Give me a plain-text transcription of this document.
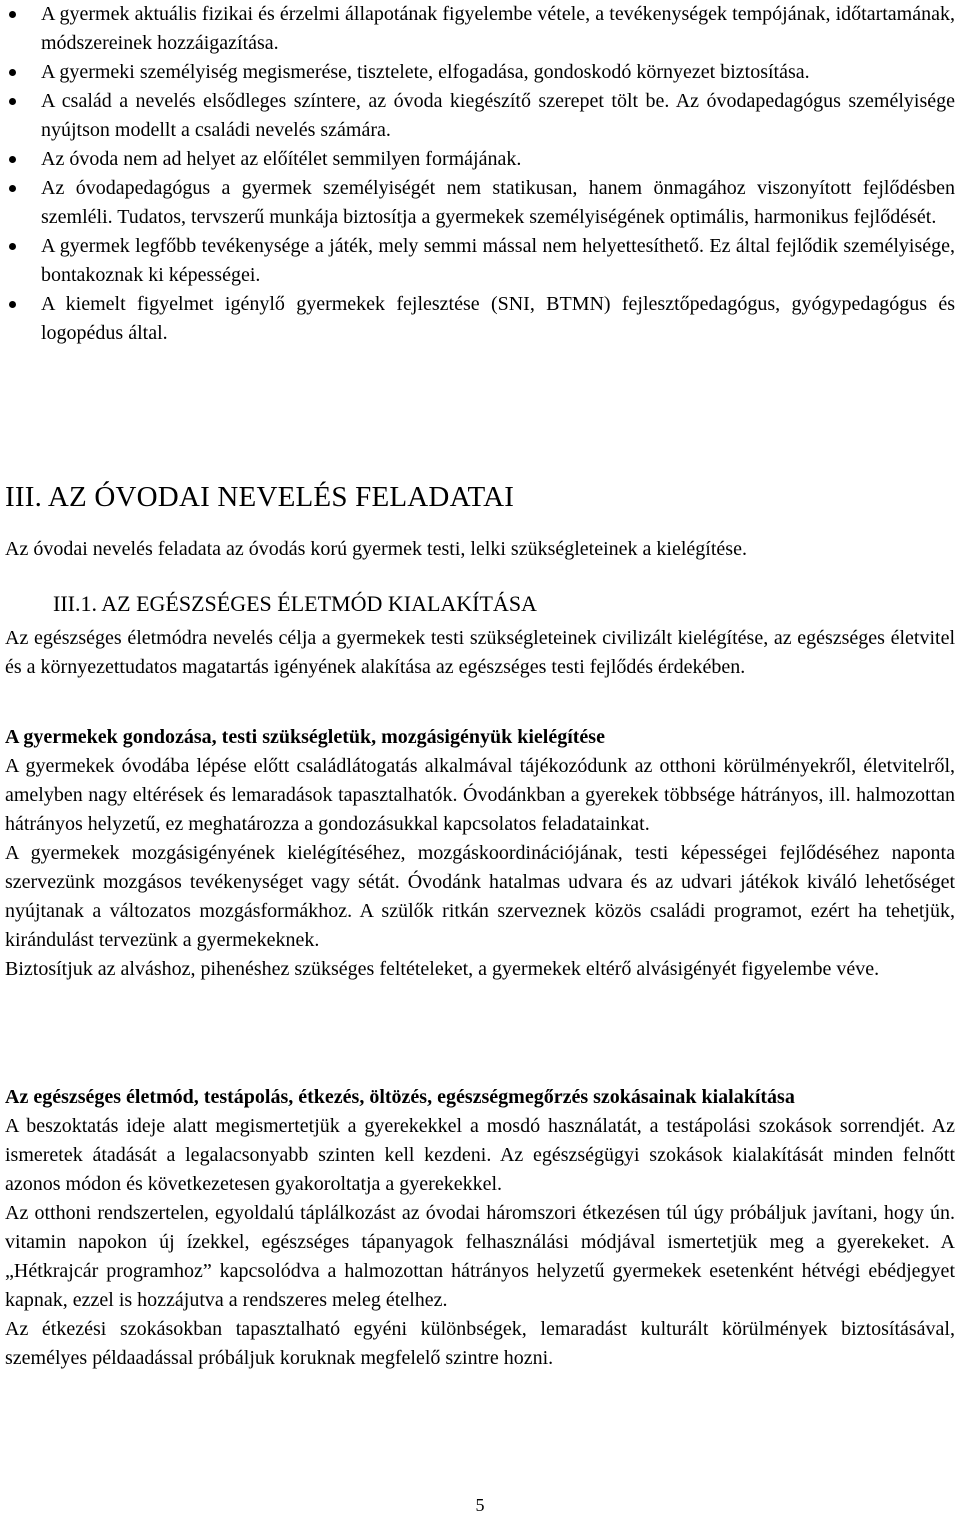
A gyermek aktuális fizikai és érzelmi állapotának figyelembe vétele, a tevékenységek tempójának, időtartamának, módszereinek hozzáigazítása.
A gyermeki személyiség megismerése, tisztelete, elfogadása, gondoskodó környezet biztosítása.
A család a nevelés elsődleges színtere, az óvoda kiegészítő szerepet tölt be. Az óvodapedagógus személyisége nyújtson modellt a családi nevelés számára.
Az óvoda nem ad helyet az előítélet semmilyen formájának.
Az óvodapedagógus a gyermek személyiségét nem statikusan, hanem önmagához viszonyított fejlődésben szemléli. Tudatos, tervszerű munkája biztosítja a gyermekek személyiségének optimális, harmonikus fejlődését.
A gyermek legfőbb tevékenysége a játék, mely semmi mással nem helyettesíthető. Ez által fejlődik személyisége, bontakoznak ki képességei.
A kiemelt figyelmet igénylő gyermekek fejlesztése (SNI, BTMN) fejlesztőpedagógus, gyógypedagógus és logopédus által.
III. AZ ÓVODAI NEVELÉS FELADATAI

Az óvodai nevelés feladata az óvodás korú gyermek testi, lelki szükségleteinek a kielégítése.

III.1. AZ EGÉSZSÉGES ÉLETMÓD KIALAKÍTÁSA

Az egészséges életmódra nevelés célja a gyermekek testi szükségleteinek civilizált kielégítése, az egészséges életvitel és a környezettudatos magatartás igényének alakítása az egészséges testi fejlődés érdekében.

A gyermekek gondozása, testi szükségletük, mozgásigényük kielégítése

A gyermekek óvodába lépése előtt családlátogatás alkalmával tájékozódunk az otthoni körülményekről, életvitelről, amelyben nagy eltérések és lemaradások tapasztalhatók. Óvodánkban a gyerekek többsége hátrányos, ill. halmozottan hátrányos helyzetű, ez meghatározza a gondozásukkal kapcsolatos feladatainkat.

A gyermekek mozgásigényének kielégítéséhez, mozgáskoordinációjának, testi képességei fejlődéséhez naponta szervezünk mozgásos tevékenységet vagy sétát. Óvodánk hatalmas udvara és az udvari játékok kiváló lehetőséget nyújtanak a változatos mozgásformákhoz. A szülők ritkán szerveznek közös családi programot, ezért ha tehetjük, kirándulást tervezünk a gyermekeknek.

Biztosítjuk az alváshoz, pihenéshez szükséges feltételeket, a gyermekek eltérő alvásigényét figyelembe véve.

Az egészséges életmód, testápolás, étkezés, öltözés, egészségmegőrzés szokásainak kialakítása

A beszoktatás ideje alatt megismertetjük a gyerekekkel a mosdó használatát, a testápolási szokások sorrendjét. Az ismeretek átadását a legalacsonyabb szinten kell kezdeni. Az egészségügyi szokások kialakítását minden felnőtt azonos módon és következetesen gyakoroltatja a gyerekekkel.

Az otthoni rendszertelen, egyoldalú táplálkozást az óvodai háromszori étkezésen túl úgy próbáljuk javítani, hogy ún. vitamin napokon új ízekkel, egészséges tápanyagok felhasználási módjával ismertetjük meg a gyerekeket. A „Hétkrajcár programhoz” kapcsolódva a halmozottan hátrányos helyzetű gyermekek esetenként hétvégi ebédjegyet kapnak, ezzel is hozzájutva a rendszeres meleg ételhez.

Az étkezési szokásokban tapasztalható egyéni különbségek, lemaradást kulturált körülmények biztosításával, személyes példaadással próbáljuk koruknak megfelelő szintre hozni.

5
